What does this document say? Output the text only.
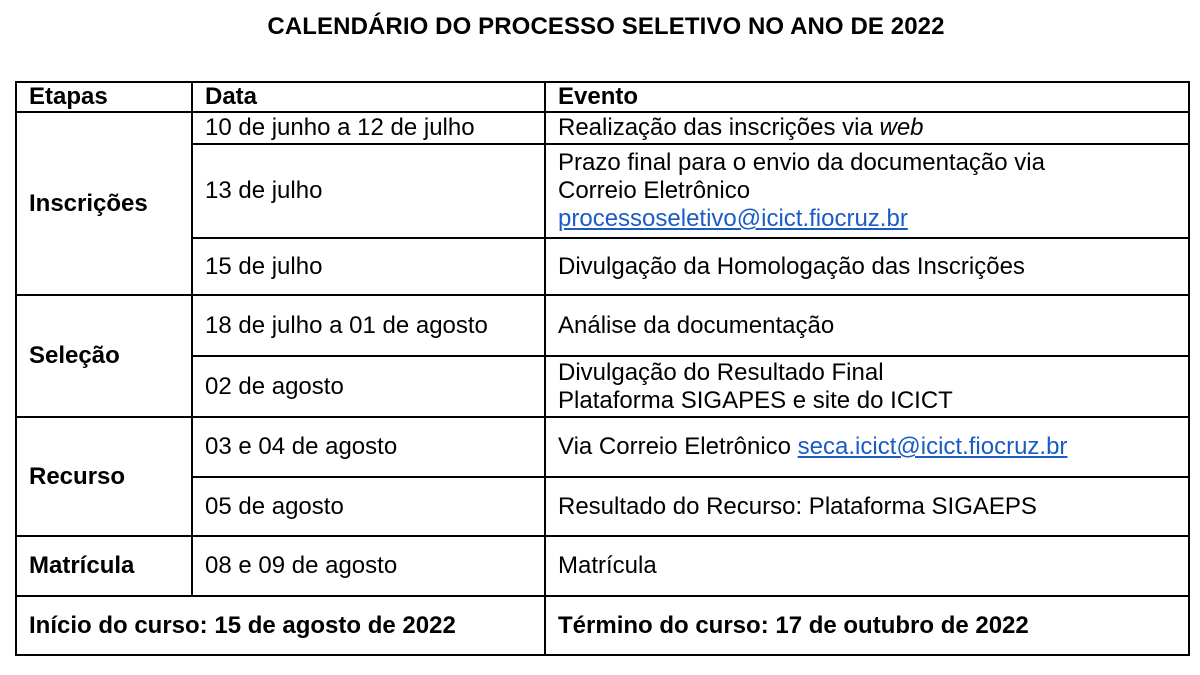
CALENDÁRIO DO PROCESSO SELETIVO NO ANO DE 2022
Etapas	Data	Evento
Inscrições	10 de junho a 12 de julho	Realização das inscrições via web
	13 de julho	Prazo final para o envio da documentação via
Correio Eletrônico
processoseletivo@icict.fiocruz.br

	15 de julho	Divulgação da Homologação das Inscrições
Seleção	18 de julho a 01 de agosto	Análise da documentação
	02 de agosto	Divulgação do Resultado Final
Plataforma SIGAPES e site do ICICT

Recurso	03 e 04 de agosto	Via Correio Eletrônico seca.icict@icict.fiocruz.br
	05 de agosto	Resultado do Recurso: Plataforma SIGAEPS
Matrícula	08 e 09 de agosto	Matrícula
Início do curso: 15 de agosto de 2022		Término do curso: 17 de outubro de 2022
